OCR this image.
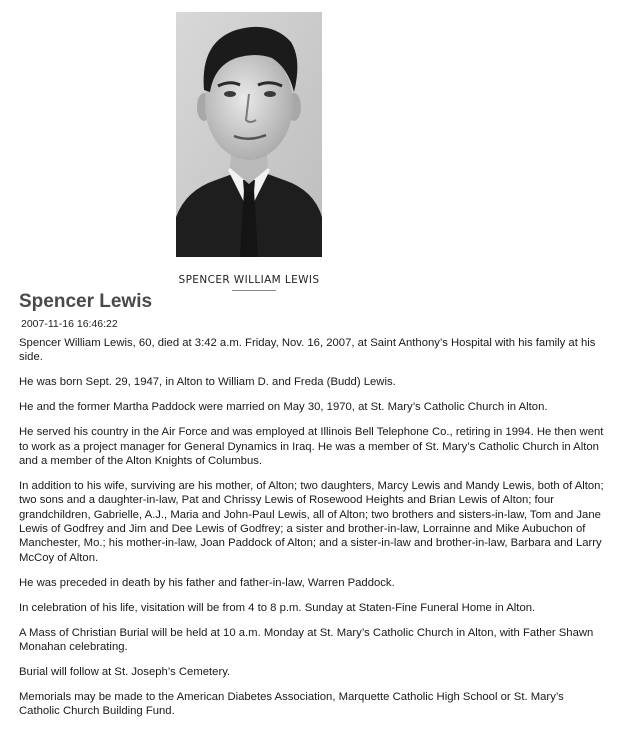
SPENCER WILLIAM LEWIS
Spencer Lewis
2007-11-16 16:46:22

Spencer William Lewis, 60, died at 3:42 a.m. Friday, Nov. 16, 2007, at Saint Anthony’s Hospital with his family at his side.

He was born Sept. 29, 1947, in Alton to William D. and Freda (Budd) Lewis.

He and the former Martha Paddock were married on May 30, 1970, at St. Mary’s Catholic Church in Alton.

He served his country in the Air Force and was employed at Illinois Bell Telephone Co., retiring in 1994. He then went to work as a project manager for General Dynamics in Iraq. He was a member of St. Mary’s Catholic Church in Alton and a member of the Alton Knights of Columbus.

In addition to his wife, surviving are his mother, of Alton; two daughters, Marcy Lewis and Mandy Lewis, both of Alton; two sons and a daughter-in-law, Pat and Chrissy Lewis of Rosewood Heights and Brian Lewis of Alton; four grandchildren, Gabrielle, A.J., Maria and John-Paul Lewis, all of Alton; two brothers and sisters-in-law, Tom and Jane Lewis of Godfrey and Jim and Dee Lewis of Godfrey; a sister and brother-in-law, Lorrainne and Mike Aubuchon of Manchester, Mo.; his mother-in-law, Joan Paddock of Alton; and a sister-in-law and brother-in-law, Barbara and Larry McCoy of Alton.

He was preceded in death by his father and father-in-law, Warren Paddock.

In celebration of his life, visitation will be from 4 to 8 p.m. Sunday at Staten-Fine Funeral Home in Alton.

A Mass of Christian Burial will be held at 10 a.m. Monday at St. Mary’s Catholic Church in Alton, with Father Shawn Monahan celebrating.

Burial will follow at St. Joseph’s Cemetery.

Memorials may be made to the American Diabetes Association, Marquette Catholic High School or St. Mary’s Catholic Church Building Fund.
